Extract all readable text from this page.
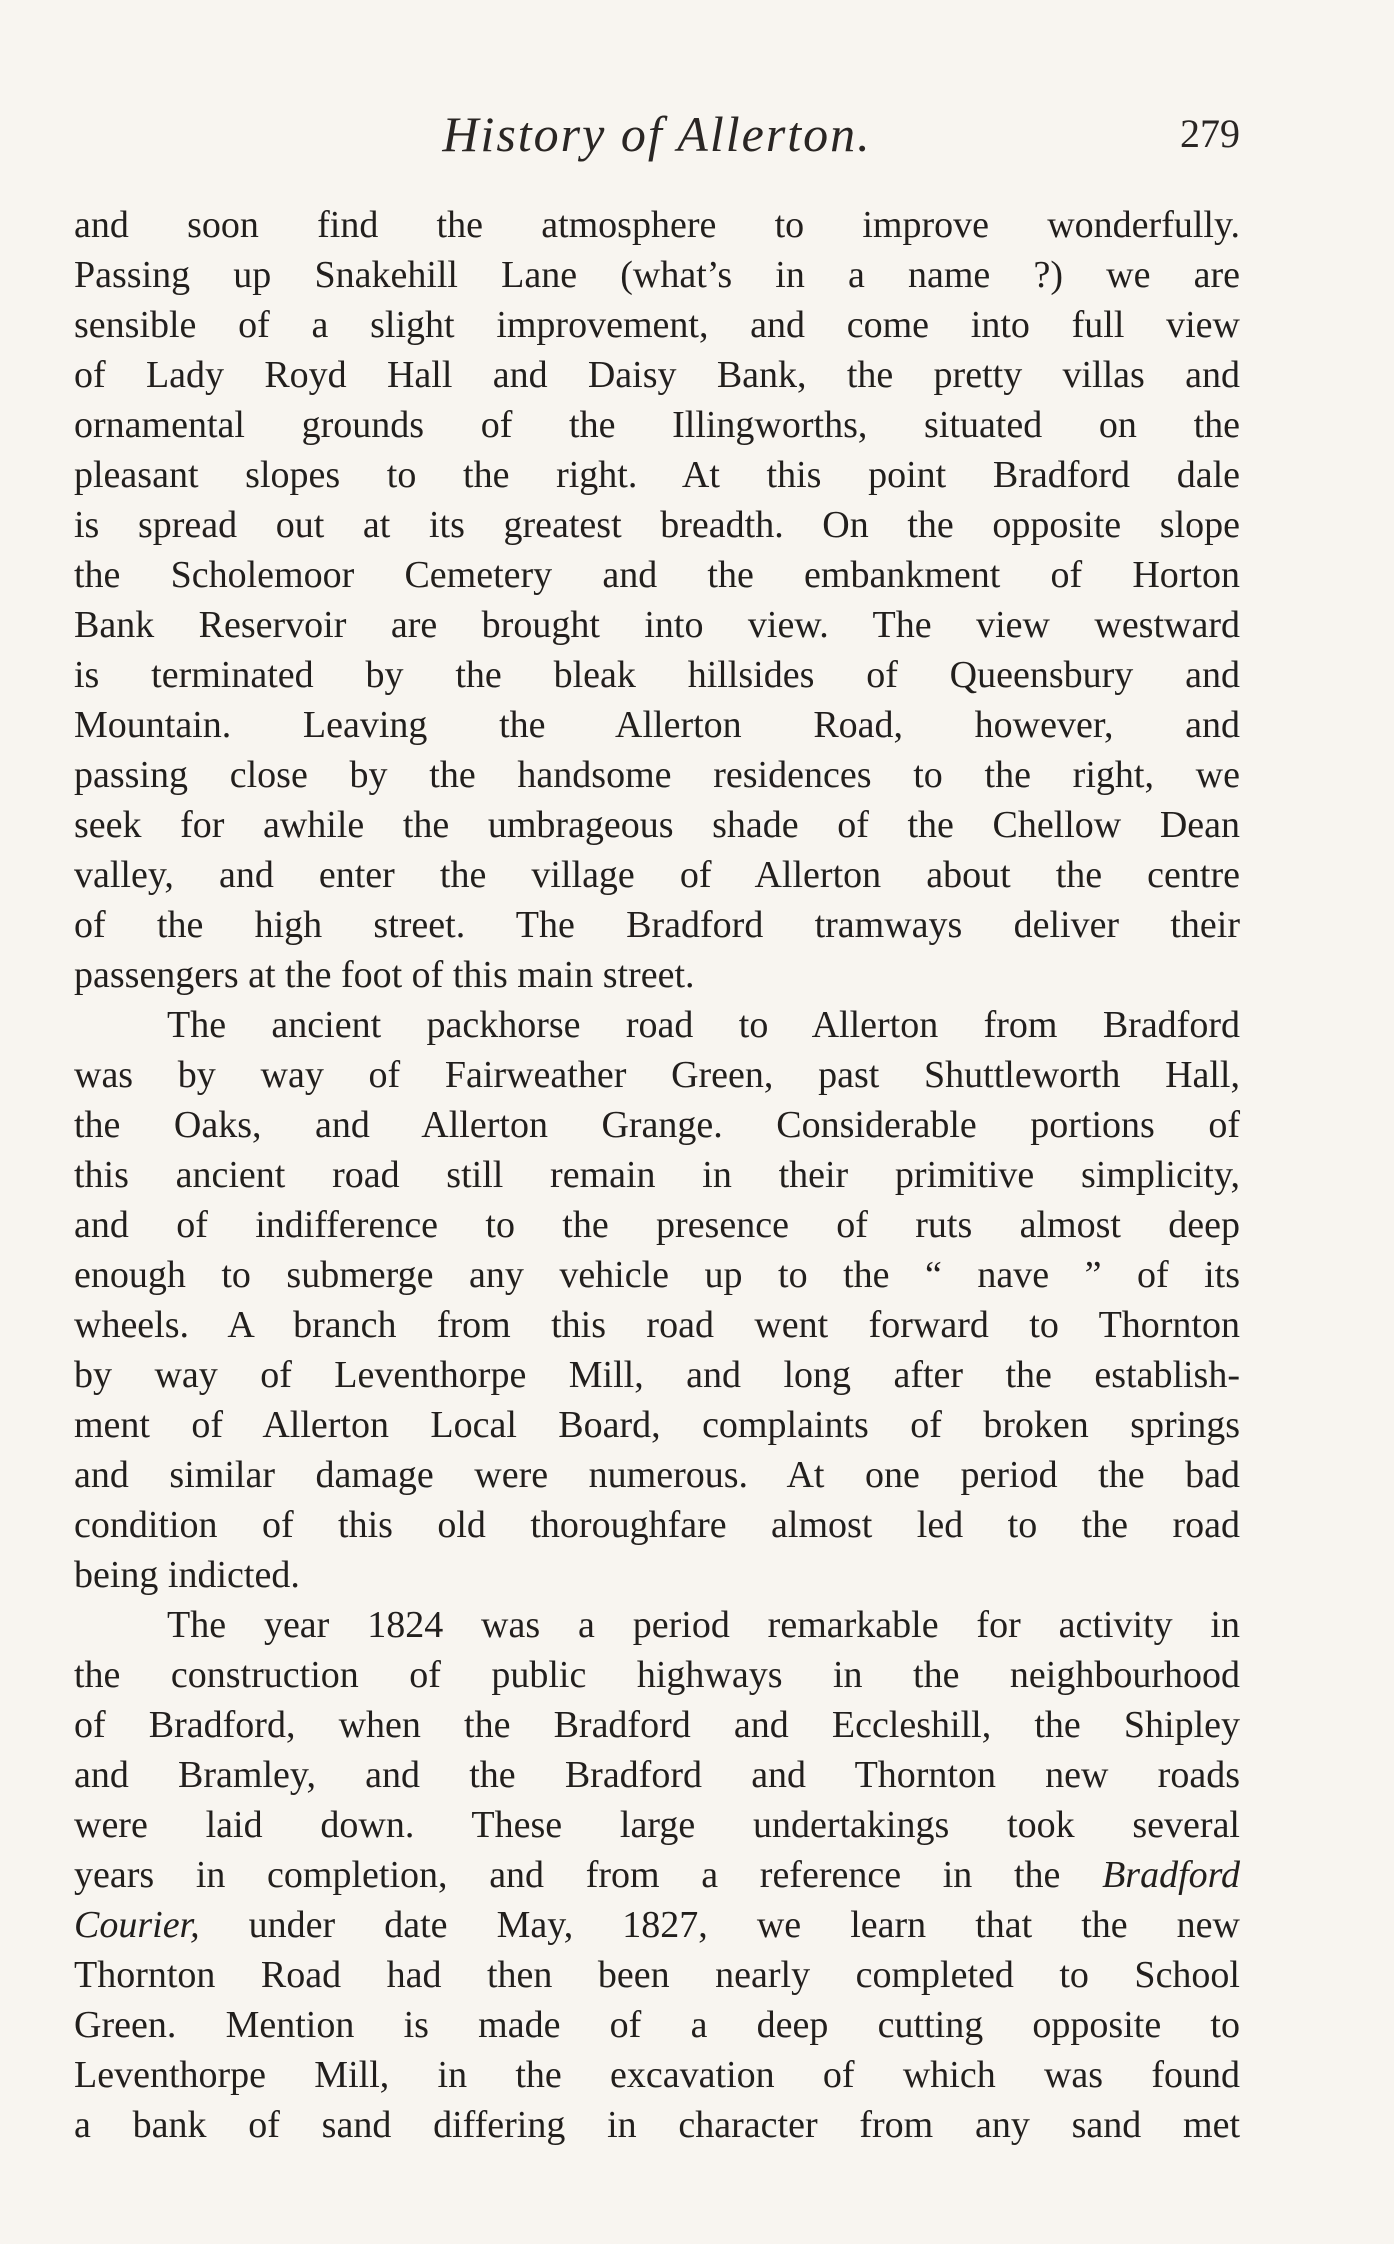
History of Allerton.	279
and soon find the atmosphere to improve wonderfully.
Passing up Snakehill Lane (what’s in a name ?) we are
sensible of a slight improvement, and come into full view
of Lady Royd Hall and Daisy Bank, the pretty villas and
ornamental grounds of the Illingworths, situated on the
pleasant slopes to the right. At this point Bradford dale
is spread out at its greatest breadth. On the opposite slope
the Scholemoor Cemetery and the embankment of Horton
Bank Reservoir are brought into view. The view westward
is terminated by the bleak hillsides of Queensbury and
Mountain. Leaving the Allerton Road, however, and
passing close by the handsome residences to the right, we
seek for awhile the umbrageous shade of the Chellow Dean
valley, and enter the village of Allerton about the centre
of the high street. The Bradford tramways deliver their
passengers at the foot of this main street.
The ancient packhorse road to Allerton from Bradford
was by way of Fairweather Green, past Shuttleworth Hall,
the Oaks, and Allerton Grange. Considerable portions of
this ancient road still remain in their primitive simplicity,
and of indifference to the presence of ruts almost deep
enough to submerge any vehicle up to the “ nave ” of its
wheels. A branch from this road went forward to Thornton
by way of Leventhorpe Mill, and long after the establish-
ment of Allerton Local Board, complaints of broken springs
and similar damage were numerous. At one period the bad
condition of this old thoroughfare almost led to the road
being indicted.
The year 1824 was a period remarkable for activity in
the construction of public highways in the neighbourhood
of Bradford, when the Bradford and Eccleshill, the Shipley
and Bramley, and the Bradford and Thornton new roads
were laid down. These large undertakings took several
years in completion, and from a reference in the Bradford
Courier, under date May, 1827, we learn that the new
Thornton Road had then been nearly completed to School
Green. Mention is made of a deep cutting opposite to
Leventhorpe Mill, in the excavation of which was found
a bank of sand differing in character from any sand met
